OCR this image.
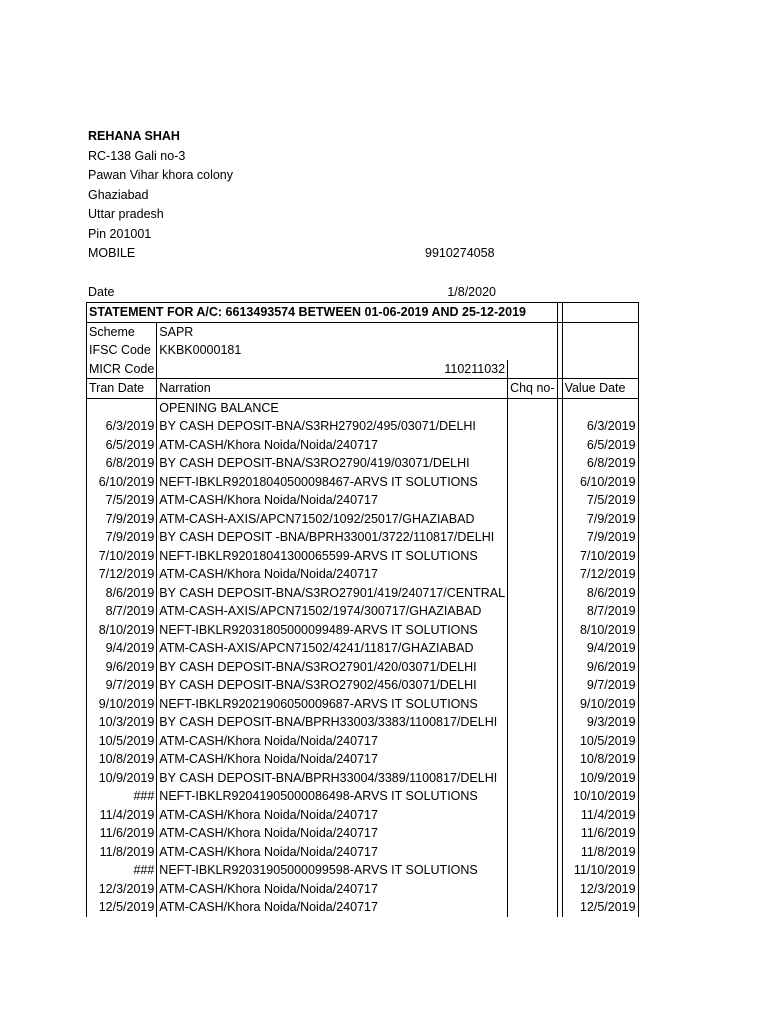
REHANA SHAH
RC-138 Gali no-3
Pawan Vihar khora colony
Ghaziabad
Uttar pradesh
Pin 201001
MOBILE	9910274058
Date	1/8/2020
STATEMENT FOR A/C: 6613493574 BETWEEN 01-06-2019 AND 25-12-2019				
Scheme	SAPR			
IFSC Code	KKBK0000181			
MICR Code	110211032			
Tran Date	Narration	Chq no-		Value Date
	OPENING BALANCE			
6/3/2019	BY CASH DEPOSIT-BNA/S3RH27902/495/03071/DELHI			6/3/2019
6/5/2019	ATM-CASH/Khora Noida/Noida/240717			6/5/2019
6/8/2019	BY CASH DEPOSIT-BNA/S3RO2790/419/03071/DELHI			6/8/2019
6/10/2019	NEFT-IBKLR92018040500098467-ARVS IT SOLUTIONS			6/10/2019
7/5/2019	ATM-CASH/Khora Noida/Noida/240717			7/5/2019
7/9/2019	ATM-CASH-AXIS/APCN71502/1092/25017/GHAZIABAD			7/9/2019
7/9/2019	BY CASH DEPOSIT -BNA/BPRH33001/3722/110817/DELHI			7/9/2019
7/10/2019	NEFT-IBKLR92018041300065599-ARVS IT SOLUTIONS			7/10/2019
7/12/2019	ATM-CASH/Khora Noida/Noida/240717			7/12/2019
8/6/2019	BY CASH DEPOSIT-BNA/S3RO27901/419/240717/CENTRAL			8/6/2019
8/7/2019	ATM-CASH-AXIS/APCN71502/1974/300717/GHAZIABAD			8/7/2019
8/10/2019	NEFT-IBKLR92031805000099489-ARVS IT SOLUTIONS			8/10/2019
9/4/2019	ATM-CASH-AXIS/APCN71502/4241/11817/GHAZIABAD			9/4/2019
9/6/2019	BY CASH DEPOSIT-BNA/S3RO27901/420/03071/DELHI			9/6/2019
9/7/2019	BY CASH DEPOSIT-BNA/S3RO27902/456/03071/DELHI			9/7/2019
9/10/2019	NEFT-IBKLR92021906050009687-ARVS IT SOLUTIONS			9/10/2019
10/3/2019	BY CASH DEPOSIT-BNA/BPRH33003/3383/1100817/DELHI			9/3/2019
10/5/2019	ATM-CASH/Khora Noida/Noida/240717			10/5/2019
10/8/2019	ATM-CASH/Khora Noida/Noida/240717			10/8/2019
10/9/2019	BY CASH DEPOSIT-BNA/BPRH33004/3389/1100817/DELHI			10/9/2019
###	NEFT-IBKLR92041905000086498-ARVS IT SOLUTIONS			10/10/2019
11/4/2019	ATM-CASH/Khora Noida/Noida/240717			11/4/2019
11/6/2019	ATM-CASH/Khora Noida/Noida/240717			11/6/2019
11/8/2019	ATM-CASH/Khora Noida/Noida/240717			11/8/2019
###	NEFT-IBKLR92031905000099598-ARVS IT SOLUTIONS			11/10/2019
12/3/2019	ATM-CASH/Khora Noida/Noida/240717			12/3/2019
12/5/2019	ATM-CASH/Khora Noida/Noida/240717			12/5/2019
